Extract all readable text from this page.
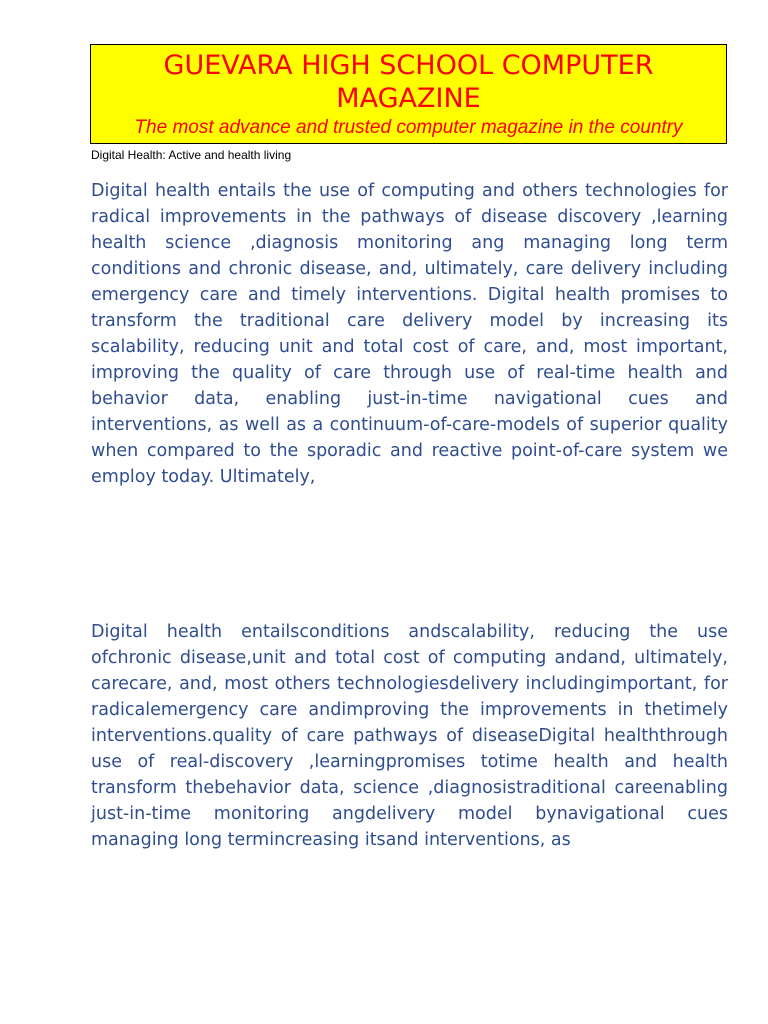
GUEVARA HIGH SCHOOL COMPUTER MAGAZINE

The most advance and trusted computer magazine in the country

Digital Health: Active and health living

Digital health entails the use of computing and others technologies for radical improvements in the pathways of disease discovery ,learning health science ,diagnosis monitoring ang managing long term conditions and chronic disease, and, ultimately, care delivery including emergency care and timely interventions. Digital health promises to transform the traditional care delivery model by increasing its scalability, reducing unit and total cost of care, and, most important, improving the quality of care through use of real-time health and behavior data, enabling just-in-time navigational cues and interventions, as well as a continuum-of-care-models of superior quality when compared to the sporadic and reactive point-of-care system we employ today. Ultimately,

Digital health entailsconditions andscalability, reducing the use ofchronic disease,unit and total cost of computing andand, ultimately, carecare, and, most others technologiesdelivery includingimportant, for radicalemergency care andimproving the improvements in thetimely interventions.quality of care pathways of diseaseDigital healththrough use of real-discovery ,learningpromises totime health and health transform thebehavior data, science ,diagnosistraditional careenabling just-in-time monitoring angdelivery model bynavigational cues managing long termincreasing itsand interventions, as
